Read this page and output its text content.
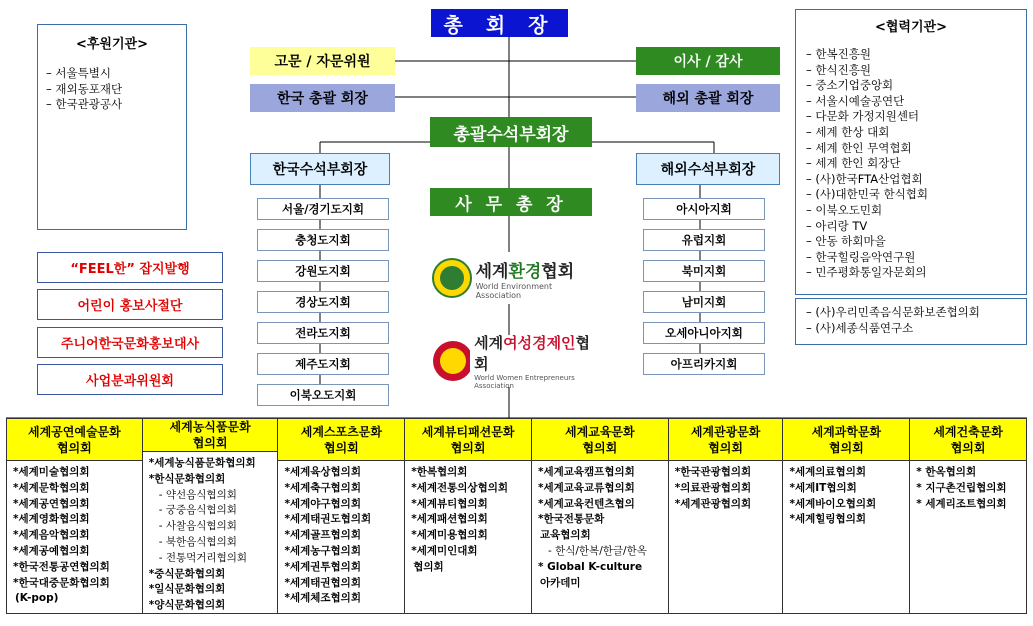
총 회 장
고문 / 자문위원
한국 총괄 회장
한국수석부회장
이사 / 감사
해외 총괄 회장
해외수석부회장
총괄수석부회장
사 무 총 장
세계환경협회
World Environment Association
세계여성경제인협회
World Women Entrepreneurs Association
서울/경기도지회
충청도지회
강원도지회
경상도지회
전라도지회
제주도지회
이북오도지회
아시아지회
유럽지회
북미지회
남미지회
오세아니아지회
아프리카지회
<후원기관>
– 서울특별시
– 재외동포재단
– 한국관광공사
<협력기관>
– 한복진흥원
– 한식진흥원
– 중소기업중앙회
– 서울시예술공연단
– 다문화 가정지원센터
– 세계 한상 대회
– 세계 한인 무역협회
– 세계 한인 회장단
– (사)한국FTA산업협회
– (사)대한민국 한식협회
– 이북오도민회
– 아리랑 TV
– 안동 하회마을
– 한국힐링음악연구원
– 민주평화통일자문회의
– (사)우리민족음식문화보존협의회
– (사)세종식품연구소
“FEEL한” 잡지발행
어린이 홍보사절단
주니어한국문화홍보대사
사업분과위원회
세계공연예술문화
협의회
*세계미술협의회
*세계문학협의회
*세계공연협의회
*세계영화협의회
*세계음악협의회
*세계공예협의회
*한국전통공연협의회
*한국대중문화협의회
(K-pop)
세계농식품문화
협의회
*세계농식품문화협의회
*한식문화협의회
- 약선음식협의회
- 궁중음식협의회
- 사찰음식협의회
- 북한음식협의회
- 전통먹거리협의회
*중식문화협의회
*일식문화협의회
*양식문화협의회
세계스포츠문화
협의회
*세계육상협의회
*세계축구협의회
*세계야구협의회
*세계태권도협의회
*세계골프협의회
*세계농구협의회
*세계권투협의회
*세계태권협의회
*세계체조협의회
세계뷰티패션문화
협의회
*한복협의회
*세계전통의상협의회
*세계뷰티협의회
*세계패션협의회
*세계미용협의회
*세계미인대회
협의회
세계교육문화
협의회
*세계교육캠프협의회
*세계교육교류협의회
*세계교육컨텐츠협의
*한국전통문화
교육협의회
- 한식/한복/한글/한옥
* Global K-culture
아카데미
세계관광문화
협의회
*한국관광협의회
*의료관광협의회
*세계관광협의회
세계과학문화
협의회
*세계의료협의회
*세계IT협의회
*세계바이오협의회
*세계힐링협의회
세계건축문화
협의회
* 한옥협의회
* 지구촌건립협의회
* 세계리조트협의회
